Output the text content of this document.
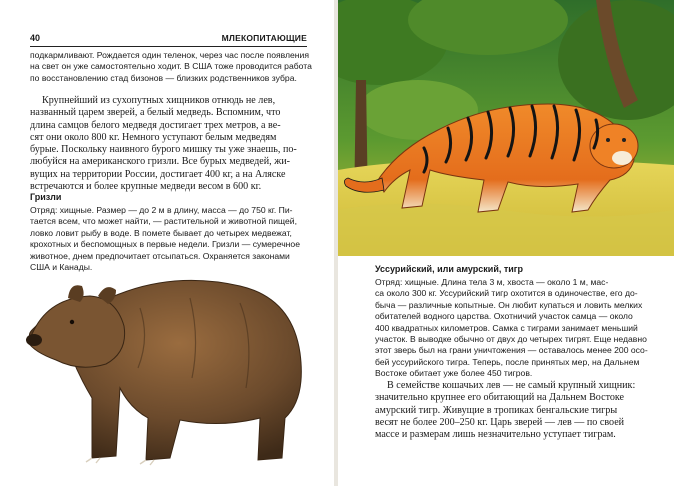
40	МЛЕКОПИТАЮЩИЕ

подкармливают. Рождается один теленок, через час после появления

на свет он уже самостоятельно ходит. В США тоже проводится работа

по восстановлению стад бизонов — близких родственников зубра.

Крупнейший из сухопутных хищников отнюдь не лев,

названный царем зверей, а белый медведь. Вспомним, что

длина самцов белого медведя достигает трех метров, а ве-

сят они около 800 кг. Немного уступают белым медведям

бурые. Поскольку наивного бурого мишку ты уже знаешь, по-

любуйся на американского гризли. Все бурых медведей, жи-

вущих на территории России, достигает 400 кг, а на Аляске

встречаются и более крупные медведи весом в 600 кг.

Гризли

Отряд: хищные. Размер — до 2 м в длину, масса — до 750 кг. Пи-

тается всем, что может найти, — растительной и животной пищей,

ловко ловит рыбу в воде. В помете бывает до четырех медвежат,

крохотных и беспомощных в первые недели. Гризли — сумеречное

животное, днем предпочитает отсыпаться. Охраняется законами

США и Канады.	Уссурийский, или амурский, тигр

Отряд: хищные. Длина тела 3 м, хвоста — около 1 м, мас-

са около 300 кг. Уссурийский тигр охотится в одиночестве, его до-

быча — различные копытные. Он любит купаться и ловить мелких

обитателей водного царства. Охотничий участок самца — около

400 квадратных километров. Самка с тиграми занимает меньший

участок. В выводке обычно от двух до четырех тигрят. Еще недавно

этот зверь был на грани уничтожения — оставалось менее 200 осо-

бей уссурийского тигра. Теперь, после принятых мер, на Дальнем

Востоке обитает уже более 450 тигров.

В семействе кошачьих лев — не самый крупный хищник:

значительно крупнее его обитающий на Дальнем Востоке

амурский тигр. Живущие в тропиках бенгальские тигры

весят не более 200–250 кг. Царь зверей — лев — по своей

массе и размерам лишь незначительно уступает тиграм.
